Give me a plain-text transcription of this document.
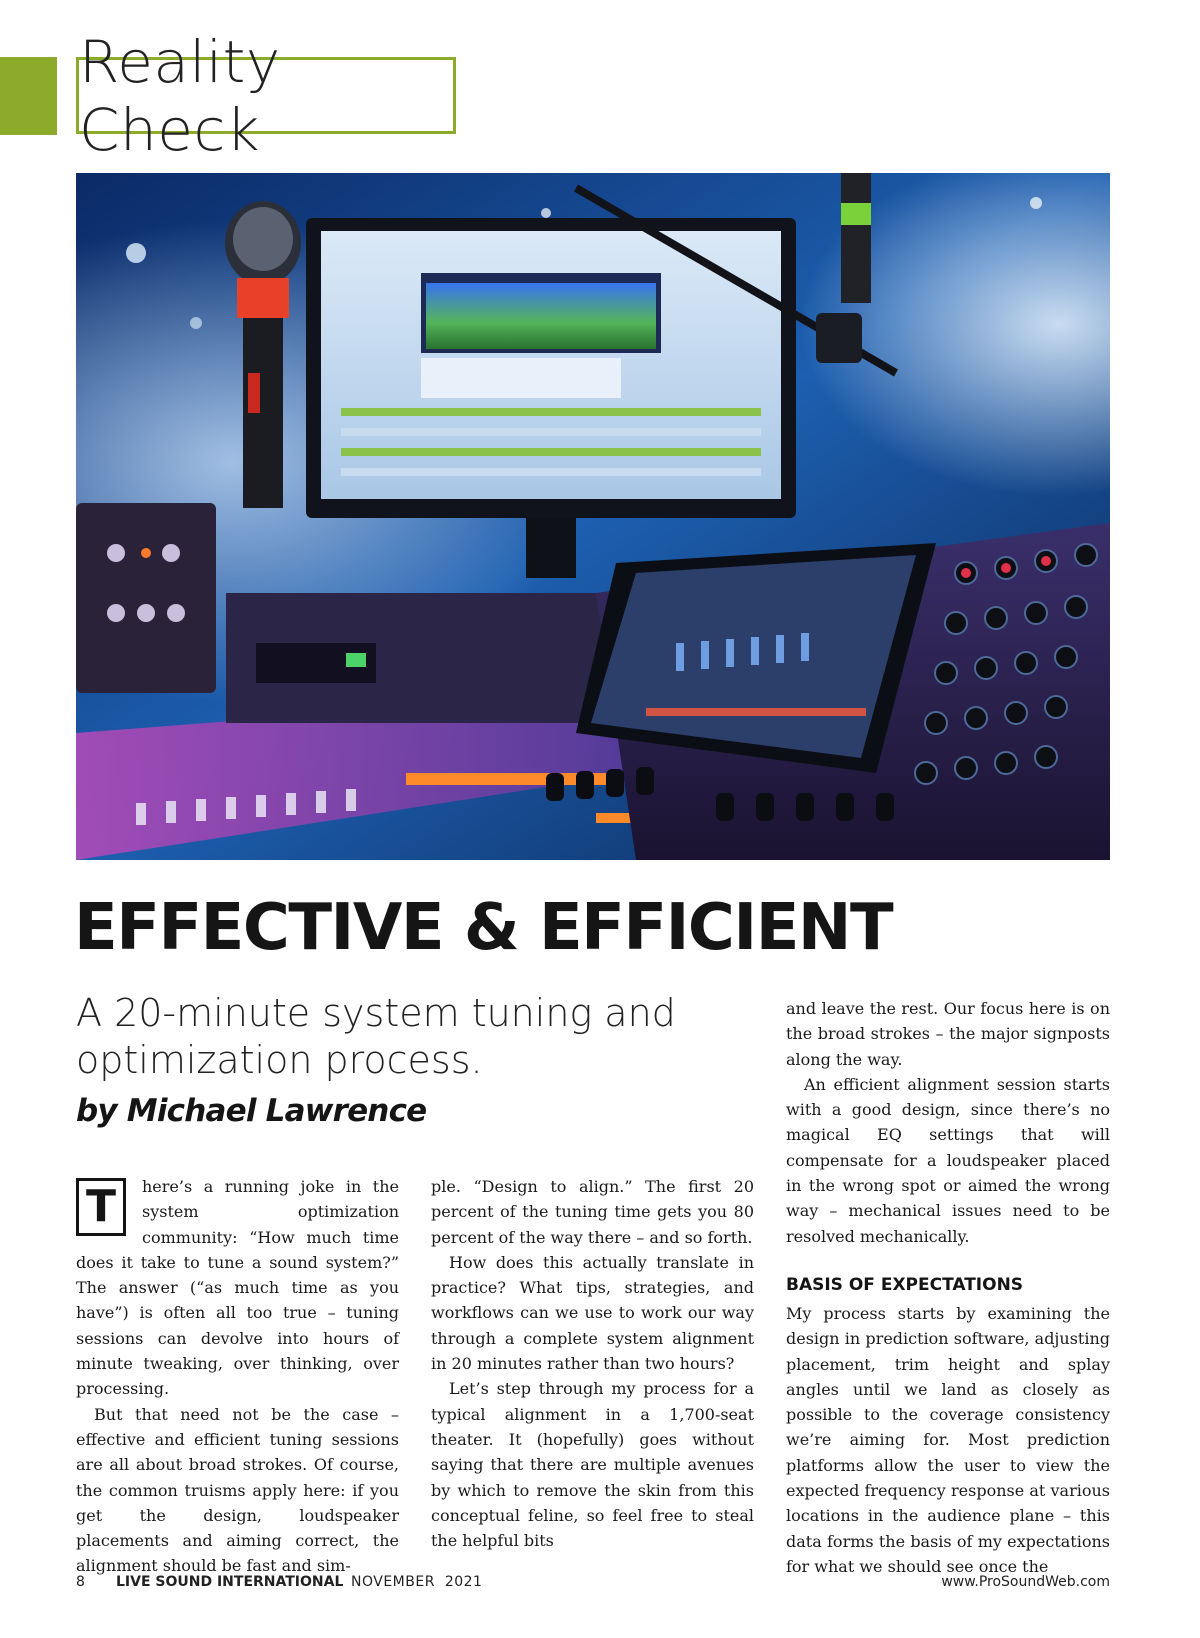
Reality Check
EFFECTIVE & EFFICIENT
A 20-minute system tuning and optimization process.
by Michael Lawrence

T	here’s a running joke in the system optimization community: “How much time does it take to tune a sound system?” The answer (“as much time as you have”) is often all too true – tuning sessions can devolve into hours of minute tweaking, over thinking, over processing.

But that need not be the case – effective and efficient tuning sessions are all about broad strokes. Of course, the common truisms apply here: if you get the design, loudspeaker placements and aiming correct, the alignment should be fast and sim-

ple. “Design to align.” The first 20 percent of the tuning time gets you 80 percent of the way there – and so forth.

How does this actually translate in practice? What tips, strategies, and workflows can we use to work our way through a complete system alignment in 20 minutes rather than two hours?

Let’s step through my process for a typical alignment in a 1,700-seat theater. It (hopefully) goes without saying that there are multiple avenues by which to remove the skin from this conceptual feline, so feel free to steal the helpful bits

and leave the rest. Our focus here is on the broad strokes – the major signposts along the way.

An efficient alignment session starts with a good design, since there’s no magical EQ settings that will compensate for a loudspeaker placed in the wrong spot or aimed the wrong way – mechanical issues need to be resolved mechanically.

BASIS OF EXPECTATIONS

My process starts by examining the design in prediction software, adjusting placement, trim height and splay angles until we land as closely as possible to the coverage consistency we’re aiming for. Most prediction platforms allow the user to view the expected frequency response at various locations in the audience plane – this data forms the basis of my expectations for what we should see once the

8 LIVE SOUND INTERNATIONAL NOVEMBER  2021	www.ProSoundWeb.com
